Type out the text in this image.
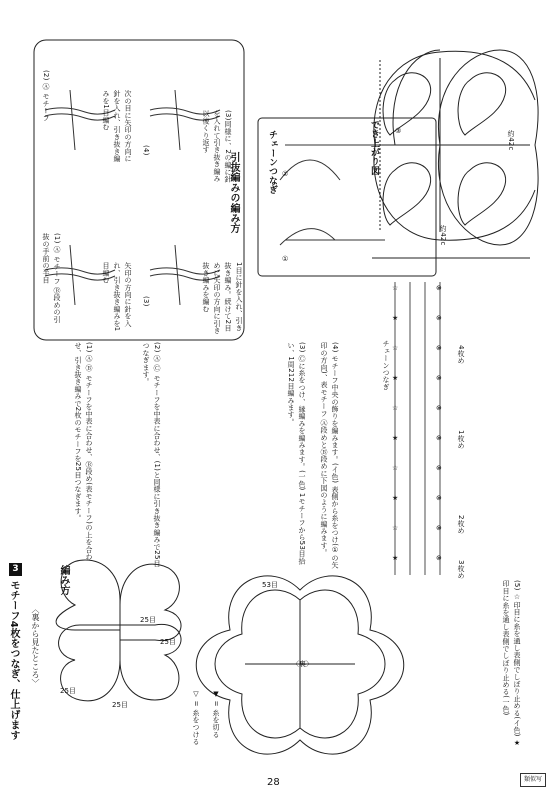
3
モチーフ4枚をつなぎ、仕上げます 〈裏から見たところ〉
編み方
(1) Ⓐ Ⓑ モチーフを中表に合わせ、Ⓑ段め(表モチーフ)の上を合わせ、引き抜き編みで2枚のモチーフを25目つなぎます。	(2) Ⓐ Ⓒ モチーフを中表に合わせ、(1)と同様に引き抜き編みで25目つなぎます。	(3) Ⓒに糸をつけ、縁編みを編みます。(一色) 1モチーフから53目拾い、1周212目編みます。	(4) モチーフ中央の飾りを編みます。(イ色) 表側から糸をつけ(①の矢印の方向)、表モチーフ Ⓐ段めとⒷ段めに下図のように編みます。
(5) ☆印目に糸を通し表側でしぼり止める(イ色) ★印目に糸を通し表側でしぼり止める(一色)
☆
★
☆
★
☆
★
☆
★
☆
★
⊗
⊗
⊗
⊗
⊗
⊗
⊗
⊗
⊗
⊗
引抜編みの編み方
(1) Ⓐ モチーフ Ⓑ段めの引抜の手前の半目
(2) Ⓐ モチーフ
(3)
(4)
矢印の方向に針を入れ、引き抜き編みを1目編む
次の目に矢印の方向に針を入れ、引き抜き編みを1目編む
1目に針を入れ、引き抜き編み。続けて2目めに矢印の方向に引き抜き編みを編む
(3)同様に、2の編に針を入れて引き抜き編み以後くり返す	チェーンつなぎ
①
②
③
チェーンつなぎ
1枚め
2枚め
3枚め
4枚め
25目
25目
25目
25目
53目
▽ = 糸をつける ▼ = 糸を切る
〈裏〉
でき上がり図	約42c
約42c
28	類似写
